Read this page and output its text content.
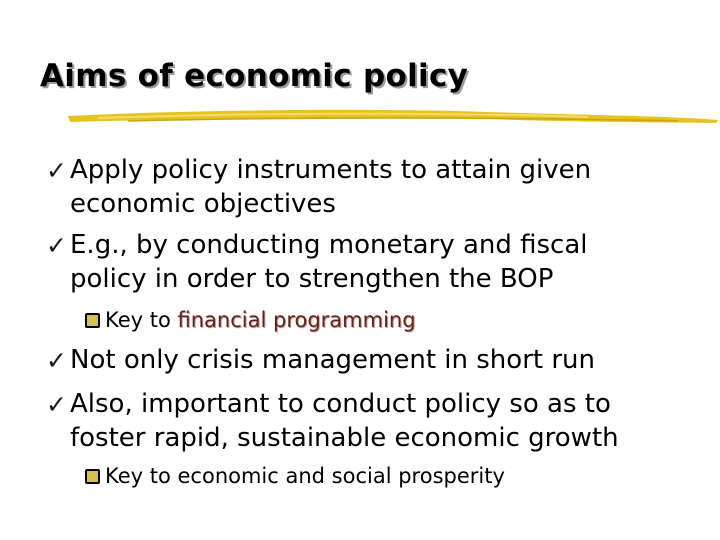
Aims of economic policy
✓ Apply policy instruments to attain given
economic objectives
✓ E.g., by conducting monetary and fiscal
policy in order to strengthen the BOP
Key to financial programming
✓ Not only crisis management in short run
✓ Also, important to conduct policy so as to
foster rapid, sustainable economic growth
Key to economic and social prosperity
